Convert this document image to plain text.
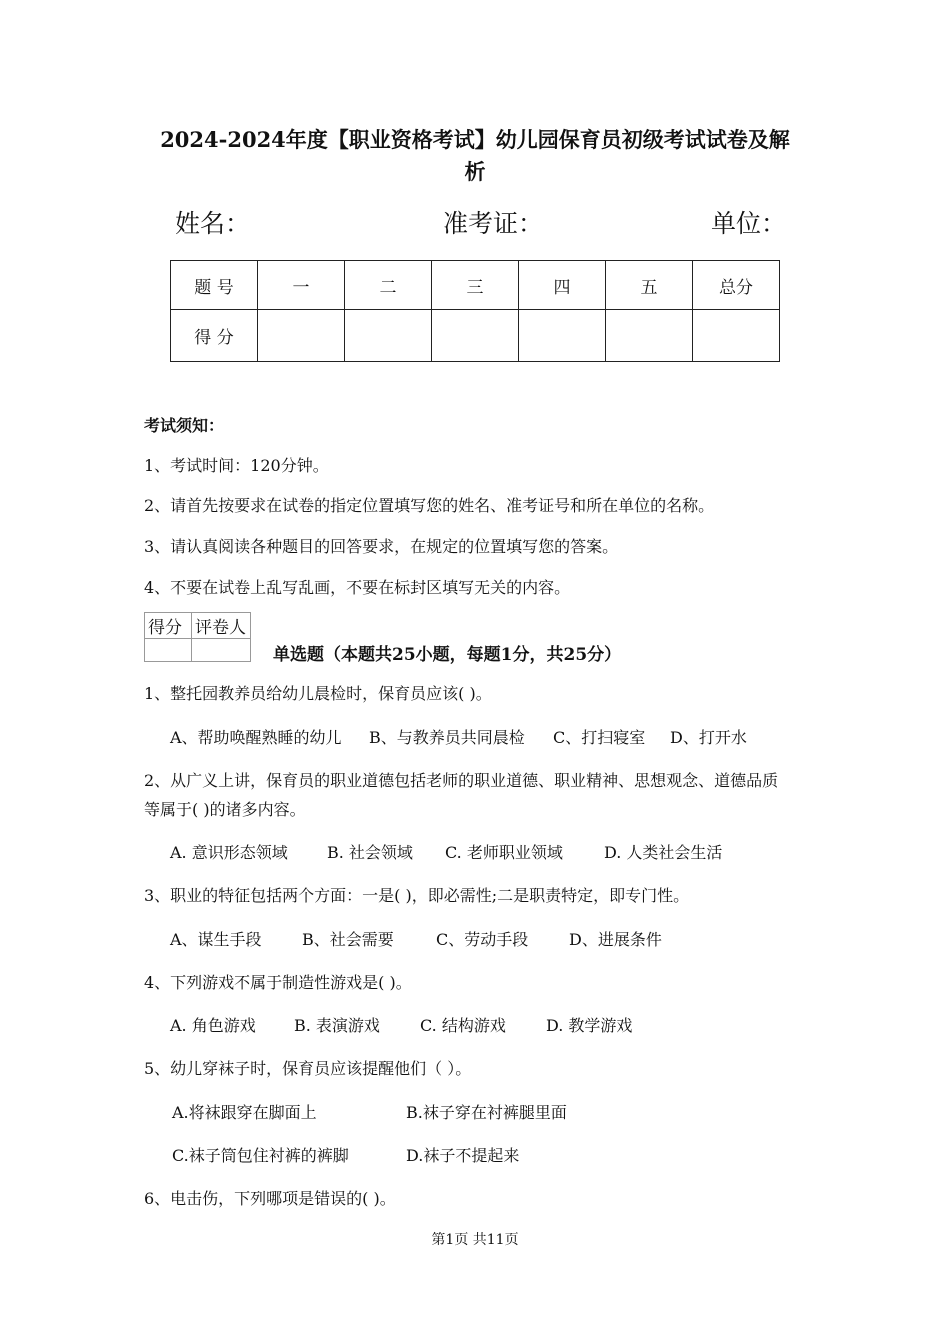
2024-2024年度【职业资格考试】幼儿园保育员初级考试试卷及解
析
姓名：	准考证：	单位：
题 号	一	二	三	四	五	总分
得 分						
考试须知：
1、考试时间：120分钟。
2、请首先按要求在试卷的指定位置填写您的姓名、准考证号和所在单位的名称。
3、请认真阅读各种题目的回答要求，在规定的位置填写您的答案。
4、不要在试卷上乱写乱画，不要在标封区填写无关的内容。
得分	评卷人

单选题（本题共25小题，每题1分，共25分）
1、整托园教养员给幼儿晨检时，保育员应该( )。
A、帮助唤醒熟睡的幼儿 B、与教养员共同晨检 C、打扫寝室 D、打开水
2、从广义上讲，保育员的职业道德包括老师的职业道德、职业精神、思想观念、道德品质
等属于( )的诸多内容。
A. 意识形态领域 B. 社会领域 C. 老师职业领域	D. 人类社会生活
3、职业的特征包括两个方面：一是( )，即必需性;二是职责特定，即专门性。
A、谋生手段	B、社会需要	C、劳动手段	D、进展条件
4、下列游戏不属于制造性游戏是( )。
A. 角色游戏 B. 表演游戏	C. 结构游戏	D. 教学游戏
5、幼儿穿袜子时，保育员应该提醒他们（ ）。
A.将袜跟穿在脚面上	B.袜子穿在衬裤腿里面
C.袜子筒包住衬裤的裤脚	D.袜子不提起来
6、电击伤，下列哪项是错误的( )。
第1页 共11页
